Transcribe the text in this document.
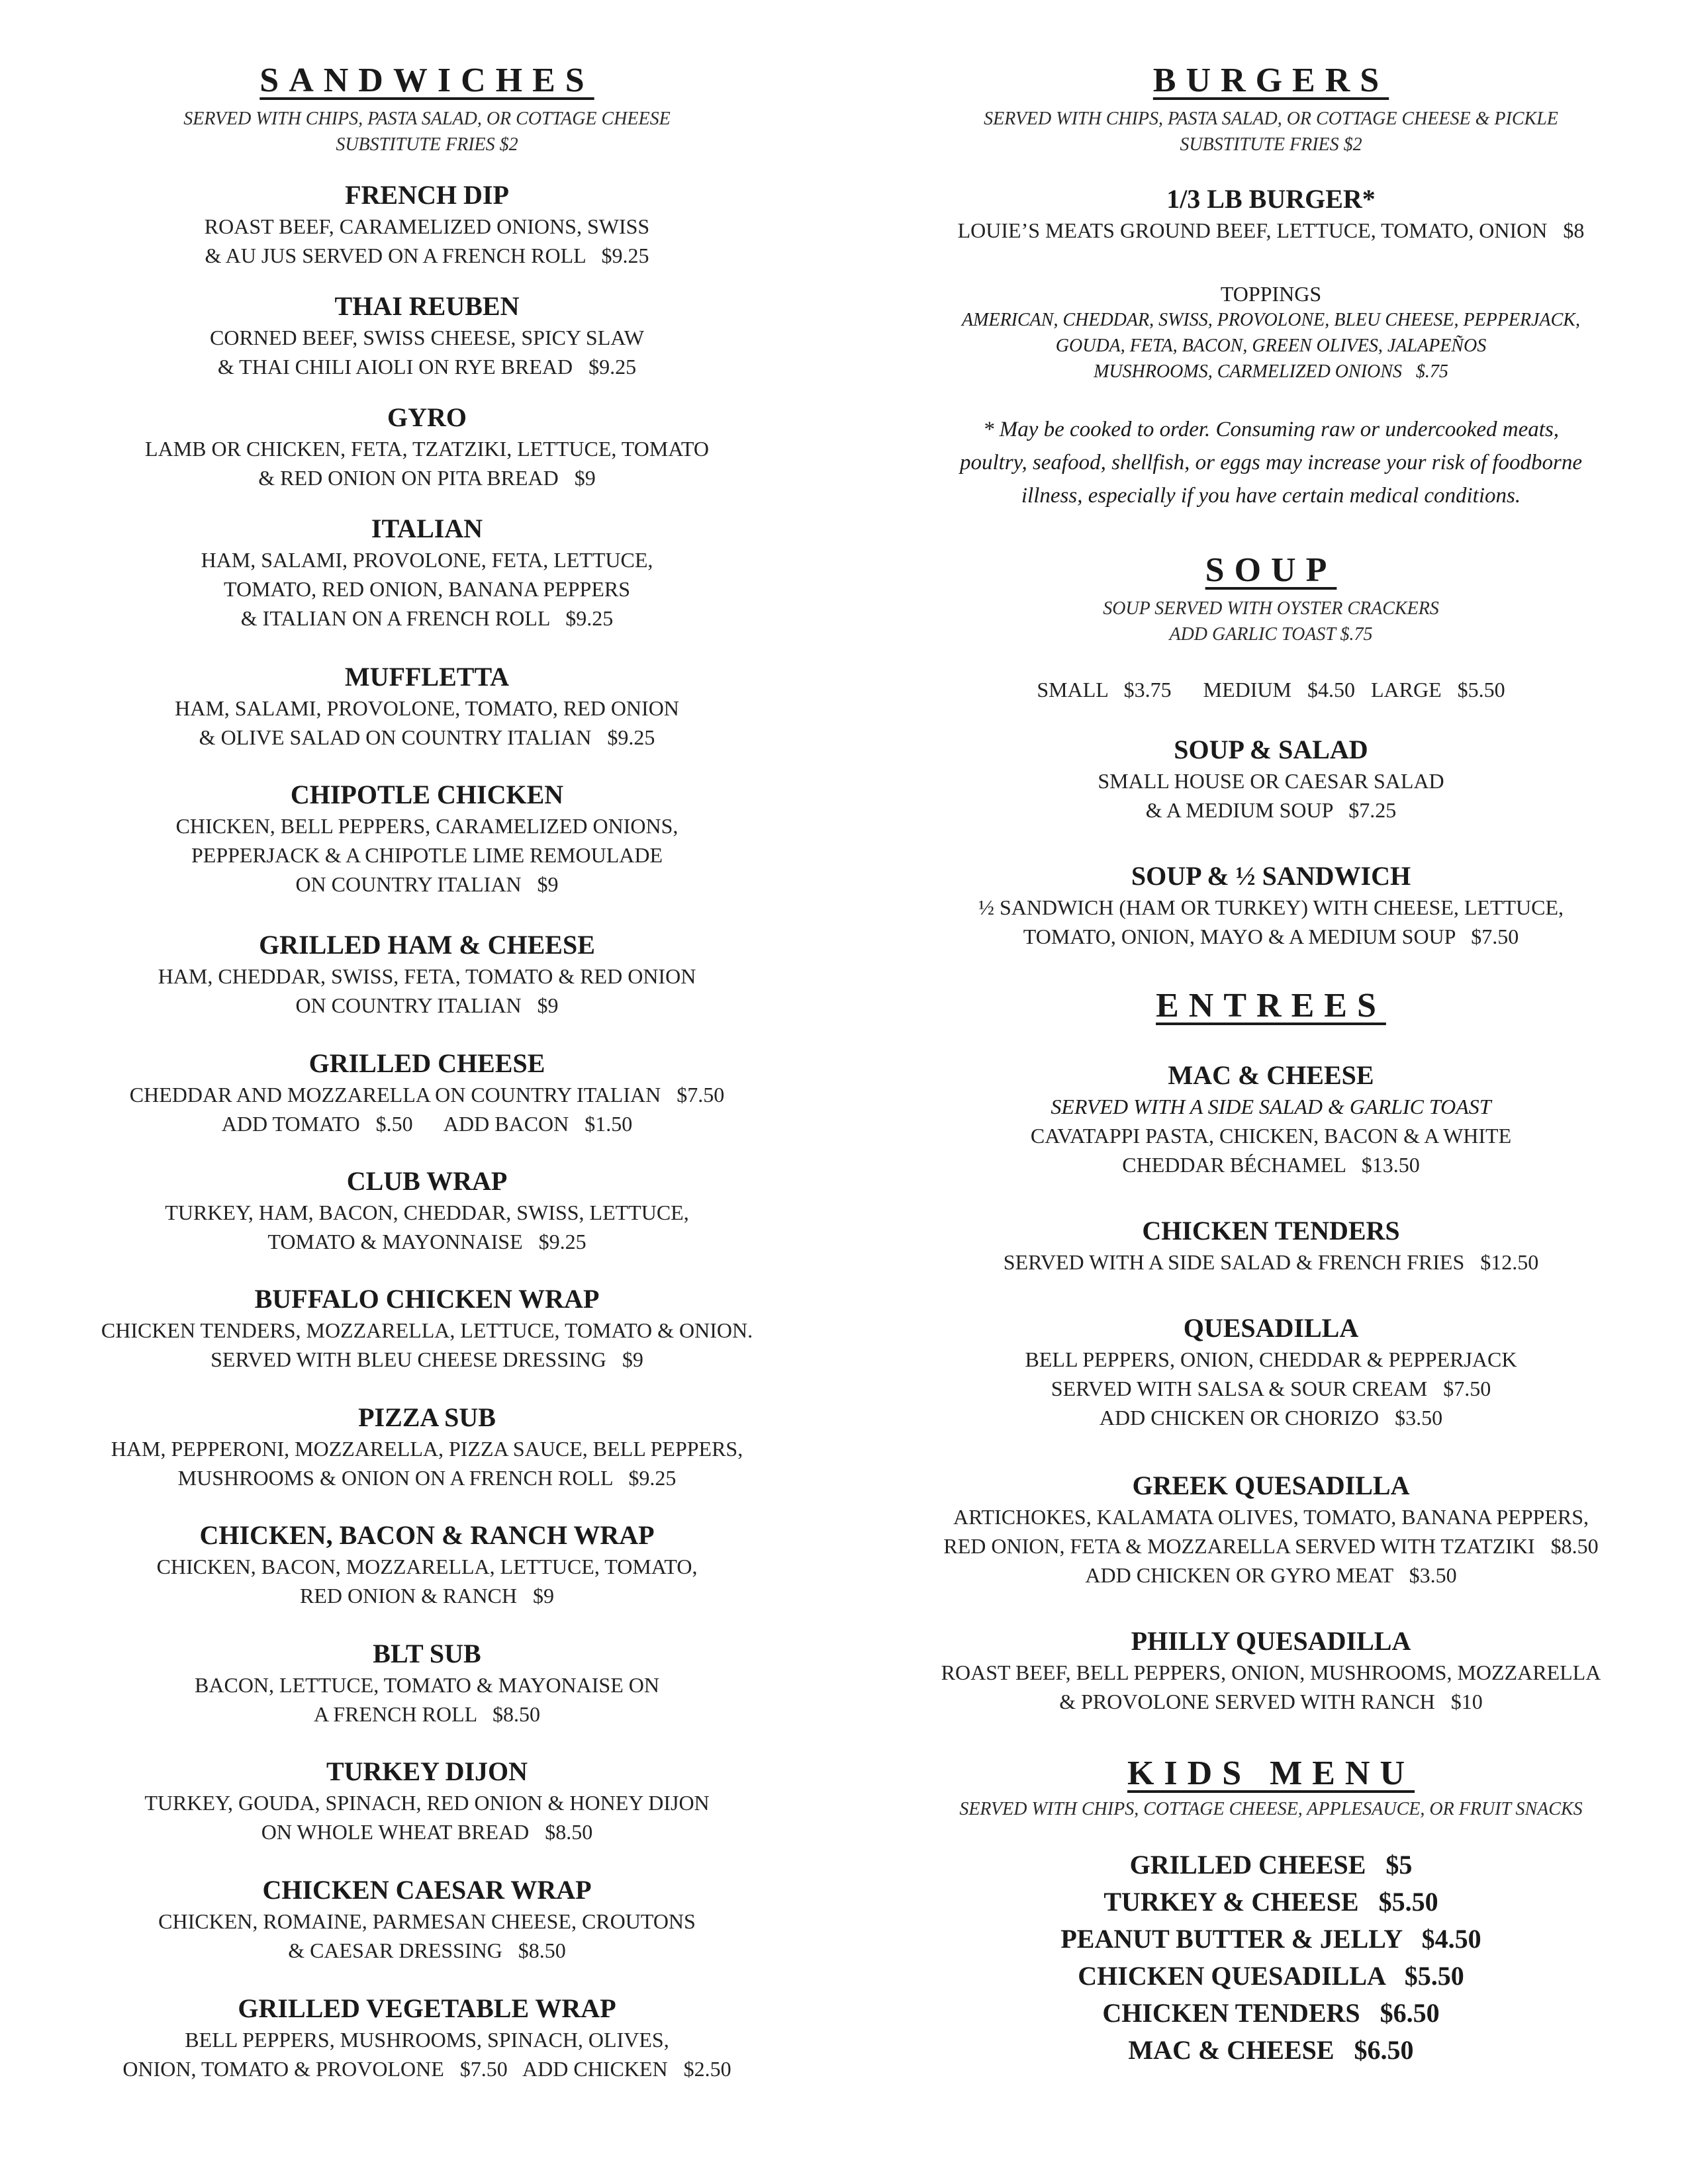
SANDWICHES
SERVED WITH CHIPS, PASTA SALAD, OR COTTAGE CHEESE
SUBSTITUTE FRIES $2
FRENCH DIP
ROAST BEEF, CARAMELIZED ONIONS, SWISS
& AU JUS SERVED ON A FRENCH ROLL   $9.25
THAI REUBEN
CORNED BEEF, SWISS CHEESE, SPICY SLAW
& THAI CHILI AIOLI ON RYE BREAD   $9.25
GYRO
LAMB OR CHICKEN, FETA, TZATZIKI, LETTUCE, TOMATO
& RED ONION ON PITA BREAD   $9
ITALIAN
HAM, SALAMI, PROVOLONE, FETA, LETTUCE,
TOMATO, RED ONION, BANANA PEPPERS
& ITALIAN ON A FRENCH ROLL   $9.25
MUFFLETTA
HAM, SALAMI, PROVOLONE, TOMATO, RED ONION
& OLIVE SALAD ON COUNTRY ITALIAN   $9.25
CHIPOTLE CHICKEN
CHICKEN, BELL PEPPERS, CARAMELIZED ONIONS,
PEPPERJACK & A CHIPOTLE LIME REMOULADE
ON COUNTRY ITALIAN   $9
GRILLED HAM & CHEESE
HAM, CHEDDAR, SWISS, FETA, TOMATO & RED ONION
ON COUNTRY ITALIAN   $9
GRILLED CHEESE
CHEDDAR AND MOZZARELLA ON COUNTRY ITALIAN   $7.50
ADD TOMATO   $.50      ADD BACON   $1.50
CLUB WRAP
TURKEY, HAM, BACON, CHEDDAR, SWISS, LETTUCE,
TOMATO & MAYONNAISE   $9.25
BUFFALO CHICKEN WRAP
CHICKEN TENDERS, MOZZARELLA, LETTUCE, TOMATO & ONION.
SERVED WITH BLEU CHEESE DRESSING   $9
PIZZA SUB
HAM, PEPPERONI, MOZZARELLA, PIZZA SAUCE, BELL PEPPERS,
MUSHROOMS & ONION ON A FRENCH ROLL   $9.25
CHICKEN, BACON & RANCH WRAP
CHICKEN, BACON, MOZZARELLA, LETTUCE, TOMATO,
RED ONION & RANCH   $9
BLT SUB
BACON, LETTUCE, TOMATO & MAYONAISE ON
A FRENCH ROLL   $8.50
TURKEY DIJON
TURKEY, GOUDA, SPINACH, RED ONION & HONEY DIJON
ON WHOLE WHEAT BREAD   $8.50
CHICKEN CAESAR WRAP
CHICKEN, ROMAINE, PARMESAN CHEESE, CROUTONS
& CAESAR DRESSING   $8.50
GRILLED VEGETABLE WRAP
BELL PEPPERS, MUSHROOMS, SPINACH, OLIVES,
ONION, TOMATO & PROVOLONE   $7.50   ADD CHICKEN   $2.50
BURGERS
SERVED WITH CHIPS, PASTA SALAD, OR COTTAGE CHEESE & PICKLE
SUBSTITUTE FRIES $2
1/3 LB BURGER*
LOUIE’S MEATS GROUND BEEF, LETTUCE, TOMATO, ONION   $8
TOPPINGS
AMERICAN, CHEDDAR, SWISS, PROVOLONE, BLEU CHEESE, PEPPERJACK,
GOUDA, FETA, BACON, GREEN OLIVES, JALAPEÑOS
MUSHROOMS, CARMELIZED ONIONS   $.75
* May be cooked to order. Consuming raw or undercooked meats,
poultry, seafood, shellfish, or eggs may increase your risk of foodborne
illness, especially if you have certain medical conditions.
SOUP
SOUP SERVED WITH OYSTER CRACKERS
ADD GARLIC TOAST $.75
SMALL   $3.75      MEDIUM   $4.50   LARGE   $5.50
SOUP & SALAD
SMALL HOUSE OR CAESAR SALAD
& A MEDIUM SOUP   $7.25
SOUP & ½ SANDWICH
½ SANDWICH (HAM OR TURKEY) WITH CHEESE, LETTUCE,
TOMATO, ONION, MAYO & A MEDIUM SOUP   $7.50
ENTREES
MAC & CHEESE
SERVED WITH A SIDE SALAD & GARLIC TOAST
CAVATAPPI PASTA, CHICKEN, BACON & A WHITE
CHEDDAR BÉCHAMEL   $13.50
CHICKEN TENDERS
SERVED WITH A SIDE SALAD & FRENCH FRIES   $12.50
QUESADILLA
BELL PEPPERS, ONION, CHEDDAR & PEPPERJACK
SERVED WITH SALSA & SOUR CREAM   $7.50
ADD CHICKEN OR CHORIZO   $3.50
GREEK QUESADILLA
ARTICHOKES, KALAMATA OLIVES, TOMATO, BANANA PEPPERS,
RED ONION, FETA & MOZZARELLA SERVED WITH TZATZIKI   $8.50
ADD CHICKEN OR GYRO MEAT   $3.50
PHILLY QUESADILLA
ROAST BEEF, BELL PEPPERS, ONION, MUSHROOMS, MOZZARELLA
& PROVOLONE SERVED WITH RANCH   $10
KIDS MENU
SERVED WITH CHIPS, COTTAGE CHEESE, APPLESAUCE, OR FRUIT SNACKS
GRILLED CHEESE   $5
TURKEY & CHEESE   $5.50
PEANUT BUTTER & JELLY   $4.50
CHICKEN QUESADILLA   $5.50
CHICKEN TENDERS   $6.50
MAC & CHEESE   $6.50
